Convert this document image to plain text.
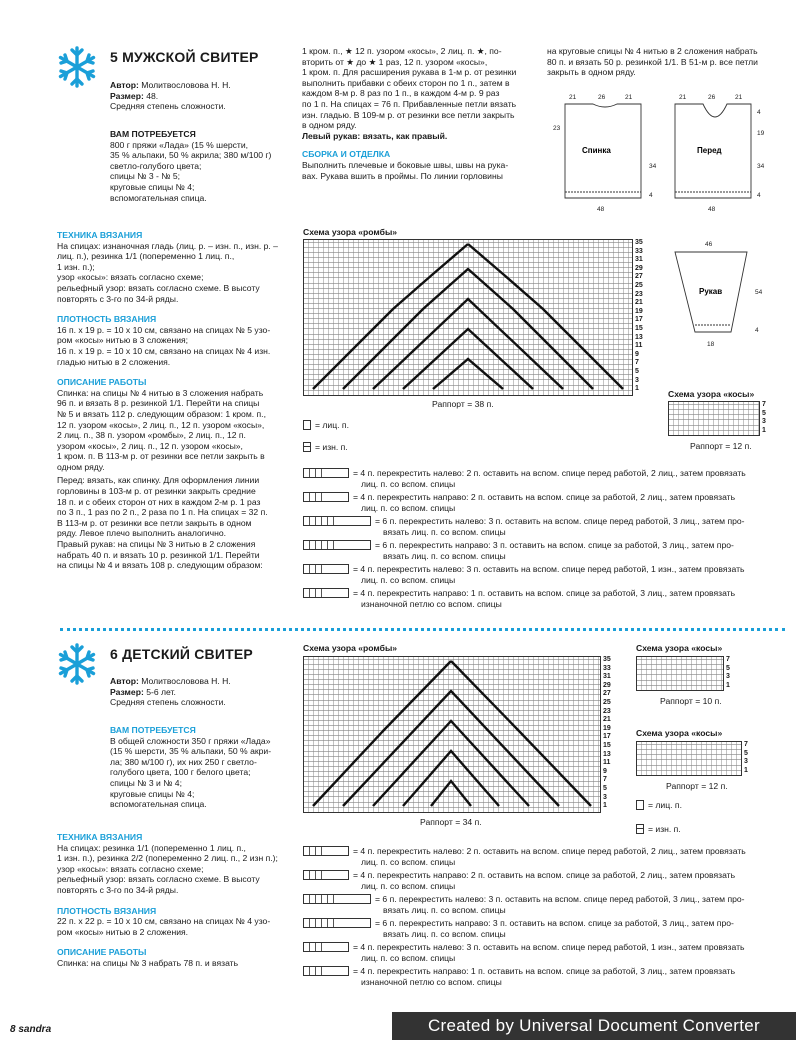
5 МУЖСКОЙ СВИТЕР
Автор: Молитвословова Н. Н.
Размер: 48.
Средняя степень сложности.
ВАМ ПОТРЕБУЕТСЯ
800 г пряжи «Лада» (15 % шерсти,
35 % альпаки, 50 % акрила; 380 м/100 г)
светло-голубого цвета;
спицы № 3 - № 5;
круговые спицы № 4;
вспомогательная спица.
ТЕХНИКА ВЯЗАНИЯ
На спицах: изнаночная гладь (лиц. р. – изн. п., изн. р. –
лиц. п.), резинка 1/1 (попеременно 1 лиц. п.,
1 изн. п.);
узор «косы»: вязать согласно схеме;
рельефный узор: вязать согласно схеме. В высоту
повторять с 3-го по 34-й ряды.
ПЛОТНОСТЬ ВЯЗАНИЯ
16 п. х 19 р. = 10 х 10 см, связано на спицах № 5 узо-
ром «косы» нитью в 3 сложения;
16 п. х 19 р. = 10 х 10 см, связано на спицах № 4 изн.
гладью нитью в 2 сложения.
ОПИСАНИЕ РАБОТЫ
Спинка: на спицы № 4 нитью в 3 сложения набрать
96 п. и вязать 8 р. резинкой 1/1. Перейти на спицы
№ 5 и вязать 112 р. следующим образом: 1 кром. п.,
12 п. узором «косы», 2 лиц. п., 12 п. узором «косы»,
2 лиц. п., 38 п. узором «ромбы», 2 лиц. п., 12 п.
узором «косы», 2 лиц. п., 12 п. узором «косы»,
1 кром. п. В 113-м р. от резинки все петли закрыть в
одном ряду.
Перед: вязать, как спинку. Для оформления линии
горловины в 103-м р. от резинки закрыть средние
18 п. и с обеих сторон от них в каждом 2-м р. 1 раз
по 3 п., 1 раз по 2 п., 2 раза по 1 п. На спицах = 32 п.
В 113-м р. от резинки все петли закрыть в одном
ряду. Левое плечо выполнить аналогично.
Правый рукав: на спицы № 3 нитью в 2 сложения
набрать 40 п. и вязать 10 р. резинкой 1/1. Перейти
на спицы № 4 и вязать 108 р. следующим образом:
1 кром. п., ★ 12 п. узором «косы», 2 лиц. п. ★, по-
вторить от ★ до ★ 1 раз, 12 п. узором «косы»,
1 кром. п. Для расширения рукава в 1-м р. от резинки
выполнить прибавки с обеих сторон по 1 п., затем в
каждом 8-м р. 8 раз по 1 п., в каждом 4-м р. 9 раз
по 1 п. На спицах = 76 п. Прибавленные петли вязать
изн. гладью. В 109-м р. от резинки все петли закрыть
в одном ряду.
Левый рукав: вязать, как правый.
СБОРКА И ОТДЕЛКА
Выполнить плечевые и боковые швы, швы на рука-
вах. Рукава вшить в проймы. По линии горловины
на круговые спицы № 4 нитью в 2 сложения набрать
80 п. и вязать 50 р. резинкой 1/1. В 51-м р. все петли
закрыть в одном ряду.
Спинка	Перед
21	26	21
23
34
4
48
21	26	21
4
19
34
4
48
Рукав
46
54
4
18
Схема узора «ромбы»
35
33
31
29
27
25
23
21
19
17
15
13
11
9
7
5
3
1
Раппорт = 38 п.
Схема узора «косы»
7
5
3
1
Раппорт = 12 п.
= лиц. п.
= изн. п.
= 4 п. перекрестить налево: 2 п. оставить на вспом. спице перед работой, 2 лиц., затем провязать
лиц. п. со вспом. спицы
= 4 п. перекрестить направо: 2 п. оставить на вспом. спице за работой, 2 лиц., затем провязать
лиц. п. со вспом. спицы
= 6 п. перекрестить налево: 3 п. оставить на вспом. спице перед работой, 3 лиц., затем про-
вязать лиц. п. со вспом. спицы
= 6 п. перекрестить направо: 3 п. оставить на вспом. спице за работой, 3 лиц., затем про-
вязать лиц. п. со вспом. спицы
= 4 п. перекрестить налево: 3 п. оставить на вспом. спице перед работой, 1 изн., затем провязать
лиц. п. со вспом. спицы
= 4 п. перекрестить направо: 1 п. оставить на вспом. спице за работой, 3 лиц., затем провязать
изнаночной петлю со вспом. спицы
6 ДЕТСКИЙ СВИТЕР
Автор: Молитвословова Н. Н.
Размер: 5-6 лет.
Средняя степень сложности.
ВАМ ПОТРЕБУЕТСЯ
В общей сложности 350 г пряжи «Лада»
(15 % шерсти, 35 % альпаки, 50 % акри-
ла; 380 м/100 г), их них 250 г светло-
голубого цвета, 100 г белого цвета;
спицы № 3 и № 4;
круговые спицы № 4;
вспомогательная спица.
ТЕХНИКА ВЯЗАНИЯ
На спицах: резинка 1/1 (попеременно 1 лиц. п.,
1 изн. п.), резинка 2/2 (попеременно 2 лиц. п., 2 изн п.);
узор «косы»: вязать согласно схеме;
рельефный узор: вязать согласно схеме. В высоту
повторять с 3-го по 34-й ряды.
ПЛОТНОСТЬ ВЯЗАНИЯ
22 п. х 22 р. = 10 х 10 см, связано на спицах № 4 узо-
ром «косы» нитью в 2 сложения.
ОПИСАНИЕ РАБОТЫ
Спинка: на спицы № 3 набрать 78 п. и вязать
Схема узора «ромбы»
35
33
31
29
27
25
23
21
19
17
15
13
11
9
7
5
3
1
Раппорт = 34 п.
Схема узора «косы»
7
5
3
1
Раппорт = 10 п.
Схема узора «косы»
7
5
3
1
Раппорт = 12 п.
= лиц. п.
= изн. п.
= 4 п. перекрестить налево: 2 п. оставить на вспом. спице перед работой, 2 лиц., затем провязать
лиц. п. со вспом. спицы
= 4 п. перекрестить направо: 2 п. оставить на вспом. спице за работой, 2 лиц., затем провязать
лиц. п. со вспом. спицы
= 6 п. перекрестить налево: 3 п. оставить на вспом. спице перед работой, 3 лиц., затем про-
вязать лиц. п. со вспом. спицы
= 6 п. перекрестить направо: 3 п. оставить на вспом. спице за работой, 3 лиц., затем про-
вязать лиц. п. со вспом. спицы
= 4 п. перекрестить налево: 3 п. оставить на вспом. спице перед работой, 1 изн., затем провязать
лиц. п. со вспом. спицы
= 4 п. перекрестить направо: 1 п. оставить на вспом. спице за работой, 3 лиц., затем провязать
изнаночной петлю со вспом. спицы
8 sandra	Created by Universal Document Converter
